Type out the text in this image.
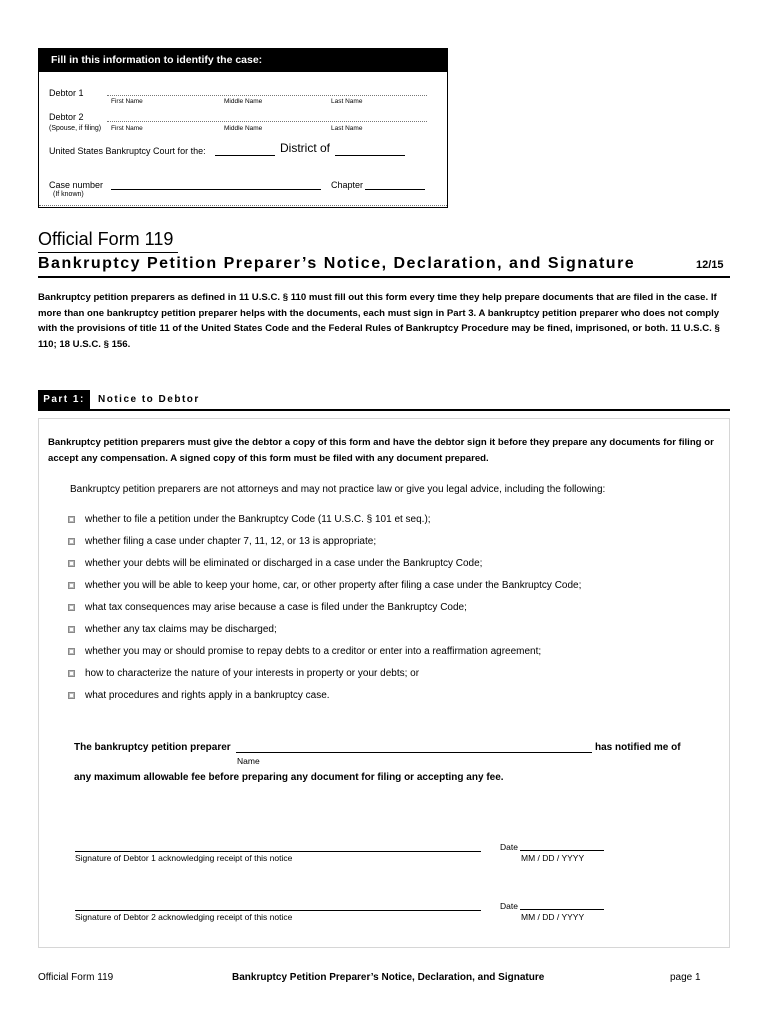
Fill in this information to identify the case:
Debtor 1
First Name	Middle Name	Last Name
Debtor 2
(Spouse, if filing) First Name	Middle Name	Last Name
United States Bankruptcy Court for the:	District of
Case number
(If known)
Chapter
Official Form 119
Bankruptcy Petition Preparer’s Notice, Declaration, and Signature	12/15
Bankruptcy petition preparers as defined in 11 U.S.C. § 110 must fill out this form every time they help prepare documents that are filed in the case. If more than one bankruptcy petition preparer helps with the documents, each must sign in Part 3. A bankruptcy petition preparer who does not comply with the provisions of title 11 of the United States Code and the Federal Rules of Bankruptcy Procedure may be fined, imprisoned, or both. 11 U.S.C. § 110; 18 U.S.C. § 156.
Part 1:	Notice to Debtor
Bankruptcy petition preparers must give the debtor a copy of this form and have the debtor sign it before they prepare any documents for filing or accept any compensation. A signed copy of this form must be filed with any document prepared.
Bankruptcy petition preparers are not attorneys and may not practice law or give you legal advice, including the following:
whether to file a petition under the Bankruptcy Code (11 U.S.C. § 101 et seq.);
whether filing a case under chapter 7, 11, 12, or 13 is appropriate;
whether your debts will be eliminated or discharged in a case under the Bankruptcy Code;
whether you will be able to keep your home, car, or other property after filing a case under the Bankruptcy Code;
what tax consequences may arise because a case is filed under the Bankruptcy Code;
whether any tax claims may be discharged;
whether you may or should promise to repay debts to a creditor or enter into a reaffirmation agreement;
how to characterize the nature of your interests in property or your debts; or
what procedures and rights apply in a bankruptcy case.
The bankruptcy petition preparer	has notified me of
Name
any maximum allowable fee before preparing any document for filing or accepting any fee.
Signature of Debtor 1 acknowledging receipt of this notice
Date
MM / DD / YYYY
Signature of Debtor 2 acknowledging receipt of this notice
Date
MM / DD / YYYY
Official Form 119	Bankruptcy Petition Preparer’s Notice, Declaration, and Signature	page 1
